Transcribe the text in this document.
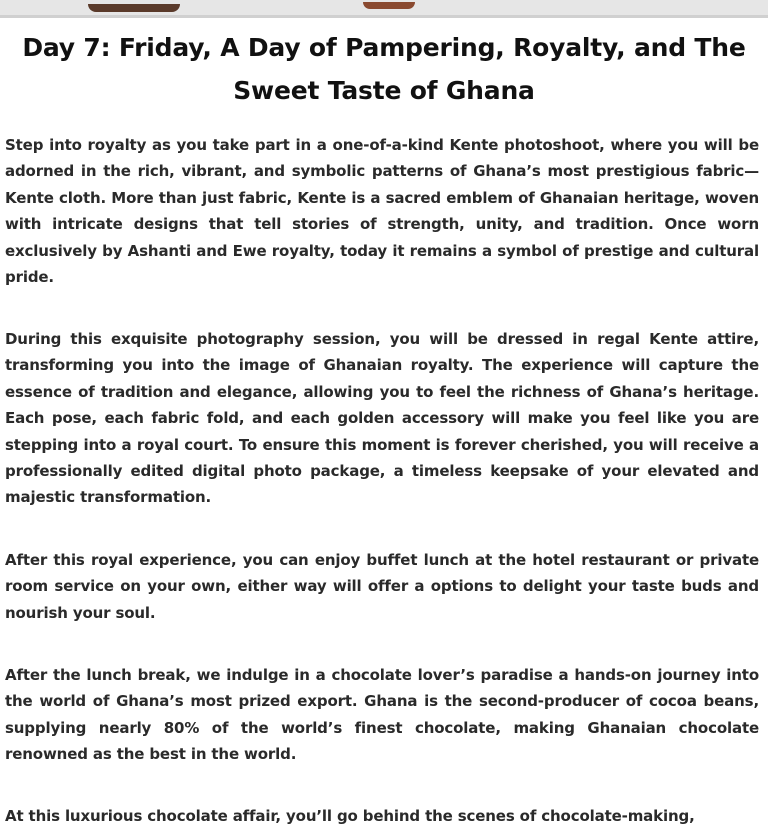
Day 7: Friday, A Day of Pampering, Royalty, and The Sweet Taste of Ghana

Step into royalty as you take part in a one-of-a-kind Kente photoshoot, where you will be adorned in the rich, vibrant, and symbolic patterns of Ghana’s most prestigious fabric—Kente cloth. More than just fabric, Kente is a sacred emblem of Ghanaian heritage, woven with intricate designs that tell stories of strength, unity, and tradition. Once worn exclusively by Ashanti and Ewe royalty, today it remains a symbol of prestige and cultural pride.

During this exquisite photography session, you will be dressed in regal Kente attire, transforming you into the image of Ghanaian royalty. The experience will capture the essence of tradition and elegance, allowing you to feel the richness of Ghana’s heritage. Each pose, each fabric fold, and each golden accessory will make you feel like you are stepping into a royal court. To ensure this moment is forever cherished, you will receive a professionally edited digital photo package, a timeless keepsake of your elevated and majestic transformation.

After this royal experience, you can enjoy buffet lunch at the hotel restaurant or private room service on your own, either way will offer a options to delight your taste buds and nourish your soul.

After the lunch break, we indulge in a chocolate lover’s paradise a hands-on journey into the world of Ghana’s most prized export. Ghana is the second-producer of cocoa beans, supplying nearly 80% of the world’s finest chocolate, making Ghanaian chocolate renowned as the best in the world.

At this luxurious chocolate affair, you’ll go behind the scenes of chocolate-making,
